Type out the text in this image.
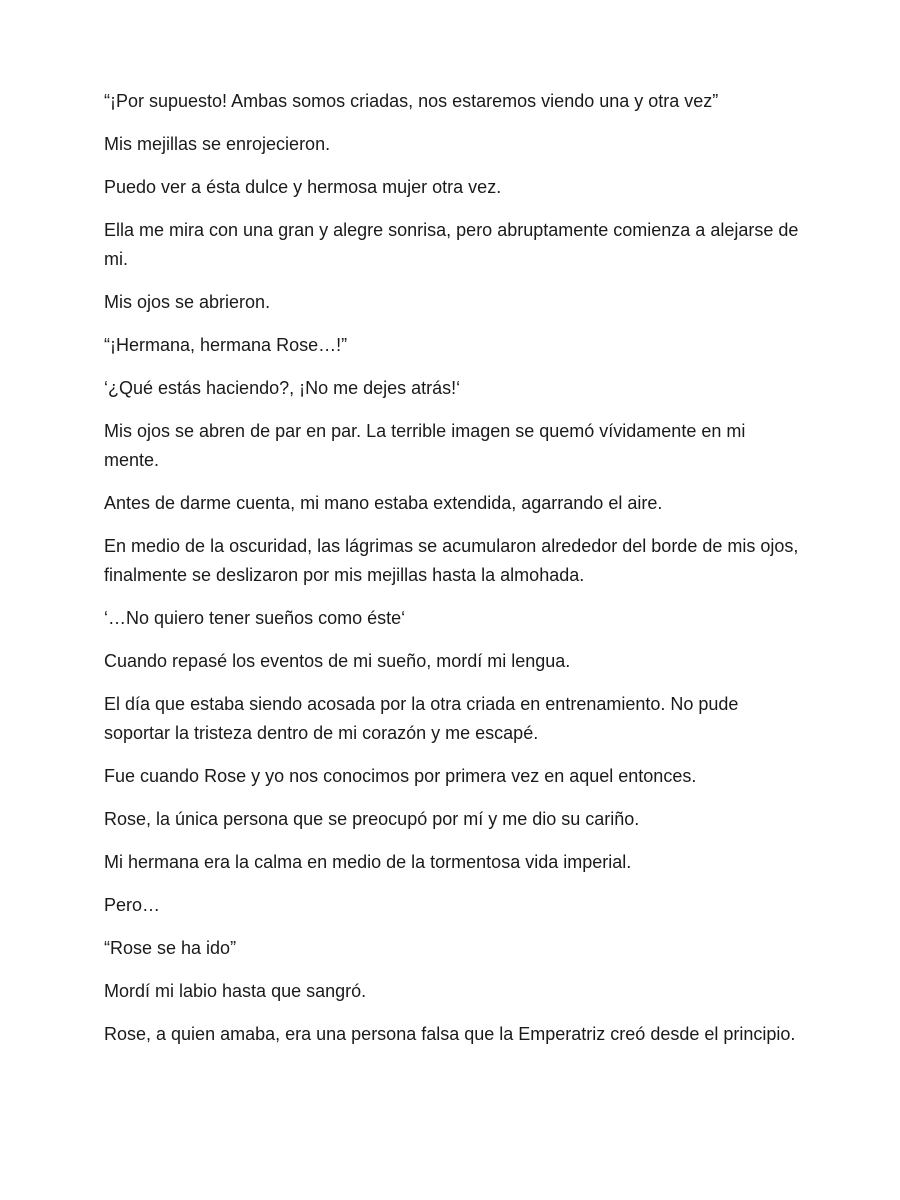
“¡Por supuesto! Ambas somos criadas, nos estaremos viendo una y otra vez”

Mis mejillas se enrojecieron.

Puedo ver a ésta dulce y hermosa mujer otra vez.

Ella me mira con una gran y alegre sonrisa, pero abruptamente comienza a alejarse de mi.

Mis ojos se abrieron.

“¡Hermana, hermana Rose…!”

‘¿Qué estás haciendo?, ¡No me dejes atrás!‘

Mis ojos se abren de par en par. La terrible imagen se quemó vívidamente en mi mente.

Antes de darme cuenta, mi mano estaba extendida, agarrando el aire.

En medio de la oscuridad, las lágrimas se acumularon alrededor del borde de mis ojos, finalmente se deslizaron por mis mejillas hasta la almohada.

‘…No quiero tener sueños como éste‘

Cuando repasé los eventos de mi sueño, mordí mi lengua.

El día que estaba siendo acosada por la otra criada en entrenamiento. No pude soportar la tristeza dentro de mi corazón y me escapé.

Fue cuando Rose y yo nos conocimos por primera vez en aquel entonces.

Rose, la única persona que se preocupó por mí y me dio su cariño.

Mi hermana era la calma en medio de la tormentosa vida imperial.

Pero…

“Rose se ha ido”

Mordí mi labio hasta que sangró.

Rose, a quien amaba, era una persona falsa que la Emperatriz creó desde el principio.
